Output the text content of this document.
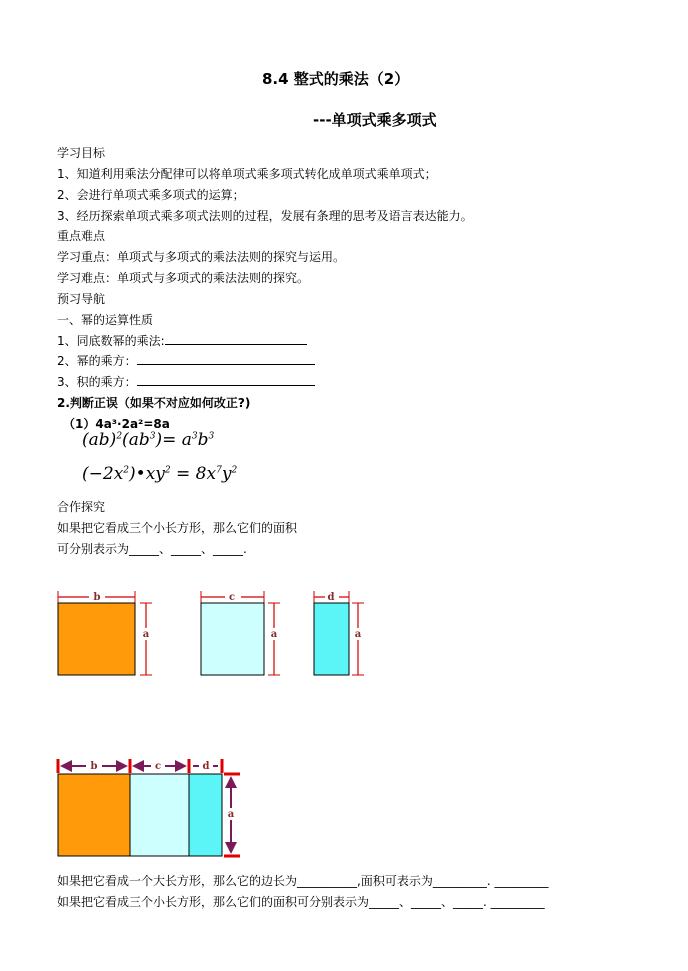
8.4 整式的乘法（2）
---单项式乘多项式
学习目标
1、知道利用乘法分配律可以将单项式乘多项式转化成单项式乘单项式；
2、会进行单项式乘多项式的运算；
3、经历探索单项式乘多项式法则的过程，发展有条理的思考及语言表达能力。
重点难点
学习重点：单项式与多项式的乘法法则的探究与运用。
学习难点：单项式与多项式的乘法法则的探究。
预习导航
一、幂的运算性质
1、同底数幂的乘法:
2、幂的乘方：
3、积的乘方：
2.判断正误（如果不对应如何改正?)
（1）4a³·2a²=8a
$(ab)^2(ab^3)= a^3b^3$
$(-2x^2)•xy^2 = 8x^7y^2$
合作探究
如果把它看成三个小长方形，那么它们的面积
可分别表示为_____、_____、_____.
b
a
c
a
d
a
b	c	d
a
如果把它看成一个大长方形，那么它的边长为__________,面积可表示为_________. _________
如果把它看成三个小长方形，那么它们的面积可分别表示为_____、_____、_____. _________
